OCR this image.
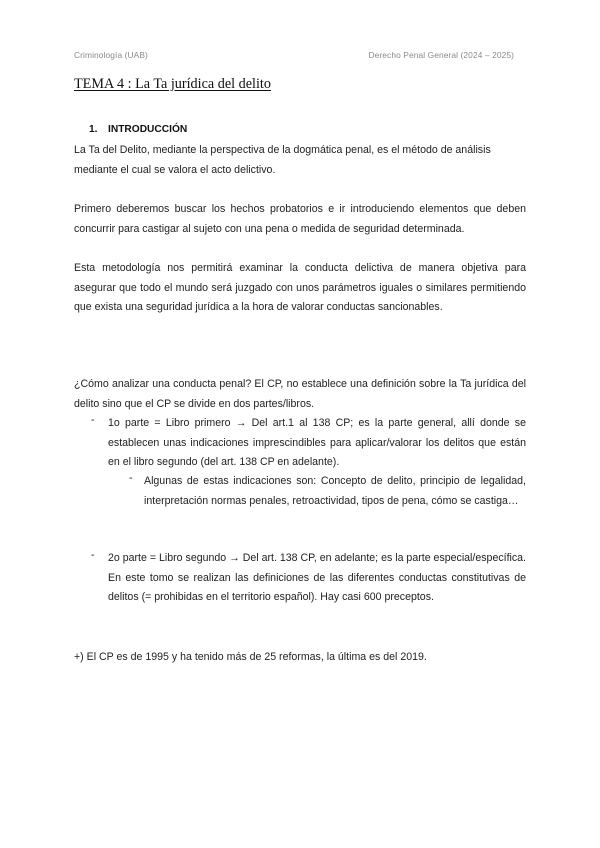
Criminología (UAB)	Derecho Penal General (2024 – 2025)
TEMA 4 : La Ta jurídica del delito
1. INTRODUCCIÓN
La Ta del Delito, mediante la perspectiva de la dogmática penal, es el método de análisis mediante el cual se valora el acto delictivo.
Primero deberemos buscar los hechos probatorios e ir introduciendo elementos que deben concurrir para castigar al sujeto con una pena o medida de seguridad determinada.
Esta metodología nos permitirá examinar la conducta delictiva de manera objetiva para asegurar que todo el mundo será juzgado con unos parámetros iguales o similares permitiendo que exista una seguridad jurídica a la hora de valorar conductas sancionables.
¿Cómo analizar una conducta penal? El CP, no establece una definición sobre la Ta jurídica del delito sino que el CP se divide en dos partes/libros.
- 1o parte = Libro primero → Del art.1 al 138 CP; es la parte general, allí donde se establecen unas indicaciones imprescindibles para aplicar/valorar los delitos que están en el libro segundo (del art. 138 CP en adelante).
- Algunas de estas indicaciones son: Concepto de delito, principio de legalidad, interpretación normas penales, retroactividad, tipos de pena, cómo se castiga…
- 2o parte = Libro segundo → Del art. 138 CP, en adelante; es la parte especial/específica. En este tomo se realizan las definiciones de las diferentes conductas constitutivas de delitos (= prohibidas en el territorio español). Hay casi 600 preceptos.
+) El CP es de 1995 y ha tenido más de 25 reformas, la última es del 2019.
